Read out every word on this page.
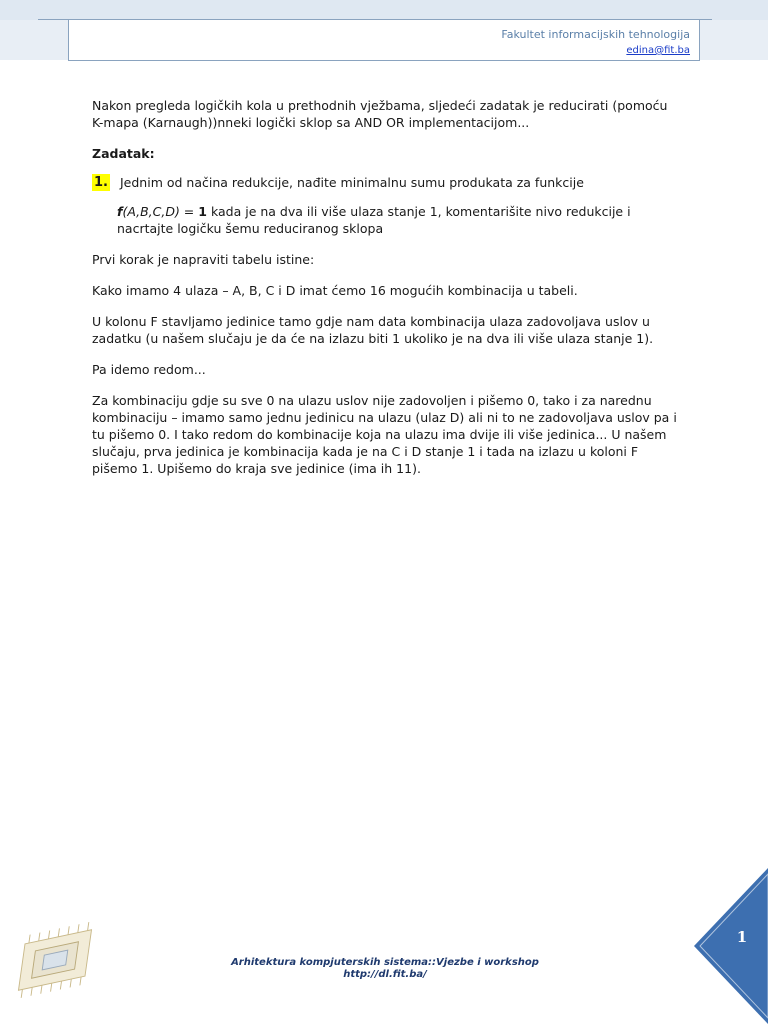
Fakultet informacijskih tehnologija
edina@fit.ba

Nakon pregleda logičkih kola u prethodnih vježbama, sljedeći zadatak je reducirati (pomoću K-mapa (Karnaugh))nneki logički sklop sa AND OR implementacijom...

Zadatak:

1. Jednim od načina redukcije, nađite minimalnu sumu produkata za funkcije

f(A,B,C,D) = 1 kada je na dva ili više ulaza stanje 1, komentarišite nivo redukcije i nacrtajte logičku šemu reduciranog sklopa

Prvi korak je napraviti tabelu istine:

Kako imamo 4 ulaza – A, B, C i D imat ćemo 16 mogućih kombinacija u tabeli.

U kolonu F stavljamo jedinice tamo gdje nam data kombinacija ulaza zadovoljava uslov u zadatku (u našem slučaju je da će na izlazu biti 1 ukoliko je na dva ili više ulaza stanje 1).

Pa idemo redom...

Za kombinaciju gdje su sve 0 na ulazu uslov nije zadovoljen i pišemo 0, tako i za narednu kombinaciju – imamo samo jednu jedinicu na ulazu (ulaz D) ali ni to ne zadovoljava uslov pa i tu pišemo 0. I tako redom do kombinacije koja na ulazu ima dvije ili više jedinica... U našem slučaju, prva jedinica je kombinacija kada je na C i D stanje 1 i tada na izlazu u koloni F pišemo 1. Upišemo do kraja sve jedinice (ima ih 11).

Arhitektura kompjuterskih sistema::Vjezbe i workshop
http://dl.fit.ba/
1
